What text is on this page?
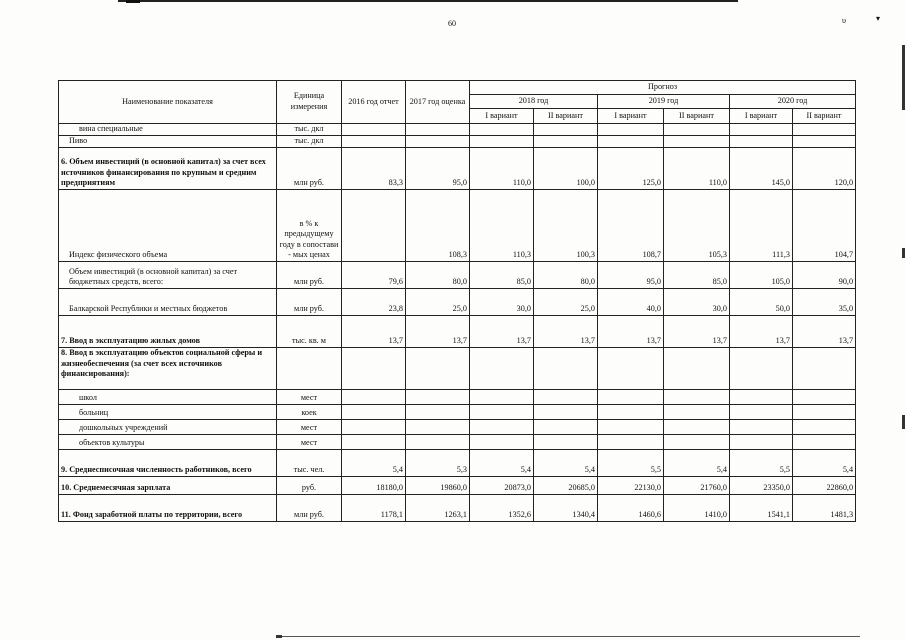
60	υ	▾
Наименование показателя	Единица измерения	2016 год отчет	2017 год оценка	Прогноз					
				2018 год		2019 год		2020 год	
				I вариант	II вариант	I вариант	II вариант	I вариант	II вариант
вина специальные	тыс. дкл								
Пиво	тыс. дкл								
6. Объем инвестиций (в основной капитал) за счет всех источников финансирования по крупным и средним предприятиям	млн руб.	83,3	95,0	110,0	100,0	125,0	110,0	145,0	120,0
Индекс физического объема	в % к предыдущему году в сопостави - мых ценах		108,3	110,3	100,3	108,7	105,3	111,3	104,7
Объем инвестиций (в основной капитал) за счет бюджетных средств, всего:	млн руб.	79,6	80,0	85,0	80,0	95,0	85,0	105,0	90,0
Балкарской Республики и местных бюджетов	млн руб.	23,8	25,0	30,0	25,0	40,0	30,0	50,0	35,0
7. Ввод в эксплуатацию жилых домов	тыс. кв. м	13,7	13,7	13,7	13,7	13,7	13,7	13,7	13,7
8. Ввод в эксплуатацию объектов социальной сферы и жизнеобеспечения (за счет всех источников финансирования):									
школ	мест								
больниц	коек								
дошкольных учреждений	мест								
объектов культуры	мест								
9. Среднесписочная численность работников, всего	тыс. чел.	5,4	5,3	5,4	5,4	5,5	5,4	5,5	5,4
10. Среднемесячная зарплата	руб.	18180,0	19860,0	20873,0	20685,0	22130,0	21760,0	23350,0	22860,0
11. Фонд заработной платы по территории, всего	млн руб.	1178,1	1263,1	1352,6	1340,4	1460,6	1410,0	1541,1	1481,3
